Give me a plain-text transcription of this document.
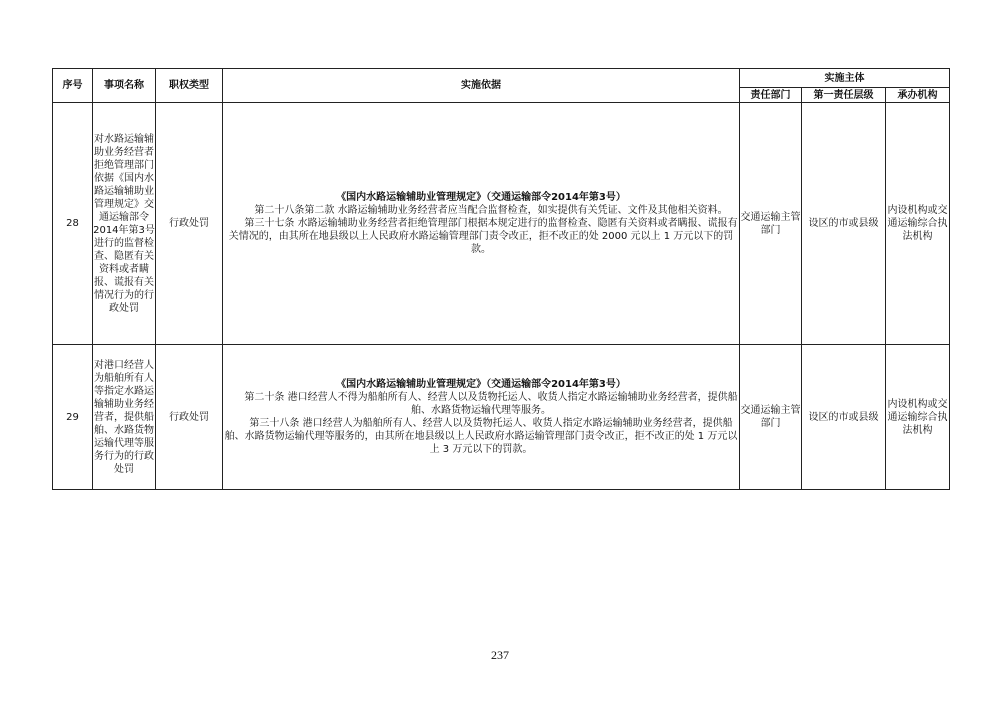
序号	事项名称	职权类型	实施依据	实施主体		
				责任部门	第一责任层级	承办机构
28	对水路运输辅助业务经营者拒绝管理部门依据《国内水路运输辅助业管理规定》交通运输部令2014年第3号进行的监督检查、隐匿有关资料或者瞒报、谎报有关情况行为的行政处罚	行政处罚	《国内水路运输辅助业管理规定》（交通运输部令2014年第3号）

第二十八条第二款 水路运输辅助业务经营者应当配合监督检查，如实提供有关凭证、文件及其他相关资料。

第三十七条 水路运输辅助业务经营者拒绝管理部门根据本规定进行的监督检查、隐匿有关资料或者瞒报、谎报有关情况的，由其所在地县级以上人民政府水路运输管理部门责令改正，拒不改正的处 2000 元以上 1 万元以下的罚款。	交通运输主管部门	设区的市或县级	内设机构或交通运输综合执法机构
29	对港口经营人为船舶所有人等指定水路运输辅助业务经营者，提供船舶、水路货物运输代理等服务行为的行政处罚	行政处罚	《国内水路运输辅助业管理规定》（交通运输部令2014年第3号）

第二十条 港口经营人不得为船舶所有人、经营人以及货物托运人、收货人指定水路运输辅助业务经营者，提供船舶、水路货物运输代理等服务。

第三十八条 港口经营人为船舶所有人、经营人以及货物托运人、收货人指定水路运输辅助业务经营者，提供船舶、水路货物运输代理等服务的，由其所在地县级以上人民政府水路运输管理部门责令改正，拒不改正的处 1 万元以上 3 万元以下的罚款。	交通运输主管部门	设区的市或县级	内设机构或交通运输综合执法机构
237
